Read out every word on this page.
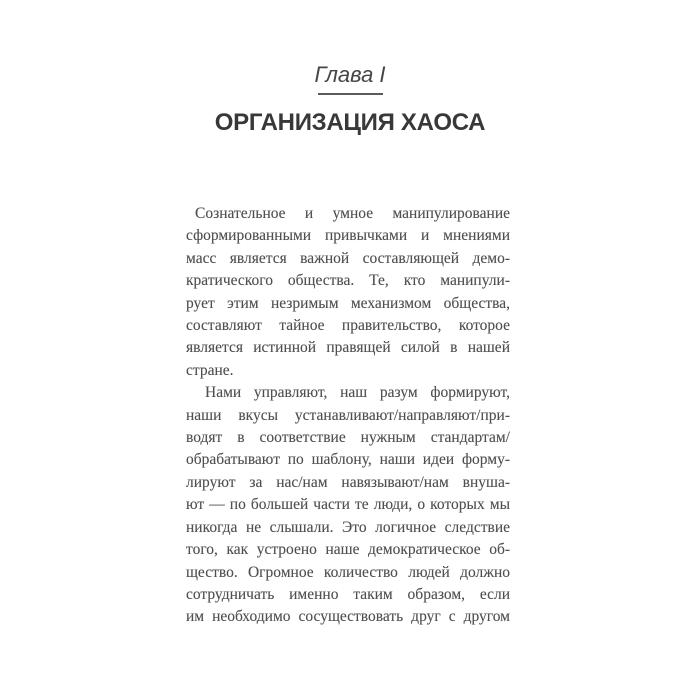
Глава I
ОРГАНИЗАЦИЯ ХАОСА
Сознательное и умное манипулирование
сформированными привычками и мнениями
масс является важной составляющей демо-
кратического общества. Те, кто манипули-
рует этим незримым механизмом общества,
составляют тайное правительство, которое
является истинной правящей силой в нашей
стране.
Нами управляют, наш разум формируют,
наши вкусы устанавливают/направляют/при-
водят в соответствие нужным стандартам/
обрабатывают по шаблону, наши идеи форму-
лируют за нас/нам навязывают/нам внуша-
ют — по большей части те люди, о которых мы
никогда не слышали. Это логичное следствие
того, как устроено наше демократическое об-
щество. Огромное количество людей должно
сотрудничать именно таким образом, если
им необходимо сосуществовать друг с другом
